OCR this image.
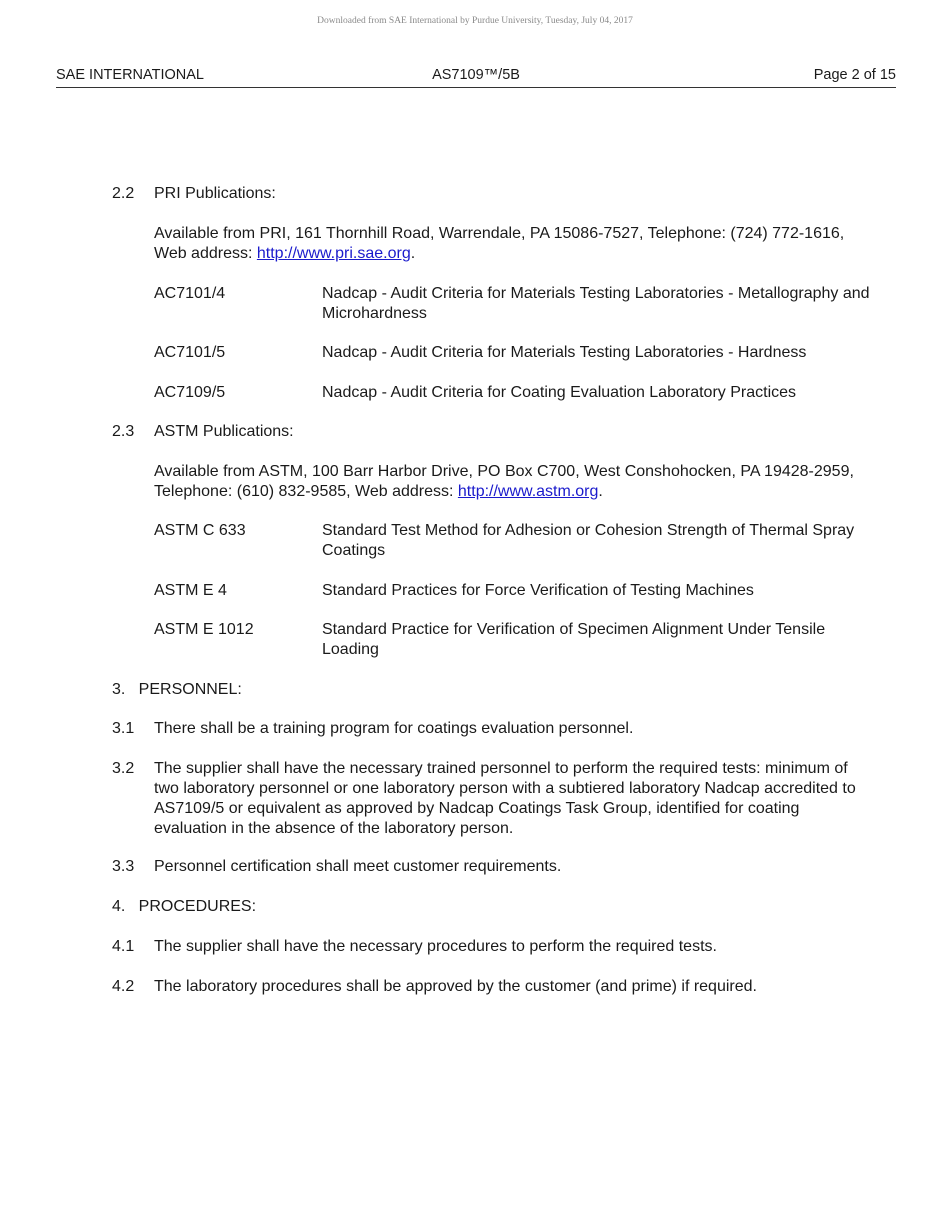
Downloaded from SAE International by Purdue University, Tuesday, July 04, 2017
SAE INTERNATIONAL	AS7109™/5B	Page 2 of 15
2.2 PRI Publications:

Available from PRI, 161 Thornhill Road, Warrendale, PA 15086-7527, Telephone: (724) 772-1616, Web address: http://www.pri.sae.org.

AC7101/4	Nadcap - Audit Criteria for Materials Testing Laboratories - Metallography and Microhardness
AC7101/5	Nadcap - Audit Criteria for Materials Testing Laboratories - Hardness
AC7109/5	Nadcap - Audit Criteria for Coating Evaluation Laboratory Practices
2.3 ASTM Publications:

Available from ASTM, 100 Barr Harbor Drive, PO Box C700, West Conshohocken, PA 19428-2959, Telephone: (610) 832-9585, Web address: http://www.astm.org.

ASTM C 633	Standard Test Method for Adhesion or Cohesion Strength of Thermal Spray Coatings
ASTM E 4	Standard Practices for Force Verification of Testing Machines
ASTM E 1012	Standard Practice for Verification of Specimen Alignment Under Tensile Loading
3.   PERSONNEL:
3.1 There shall be a training program for coatings evaluation personnel.
3.2 The supplier shall have the necessary trained personnel to perform the required tests: minimum of two laboratory personnel or one laboratory person with a subtiered laboratory Nadcap accredited to AS7109/5 or equivalent as approved by Nadcap Coatings Task Group, identified for coating evaluation in the absence of the laboratory person.
3.3 Personnel certification shall meet customer requirements.
4.   PROCEDURES:
4.1 The supplier shall have the necessary procedures to perform the required tests.
4.2 The laboratory procedures shall be approved by the customer (and prime) if required.
